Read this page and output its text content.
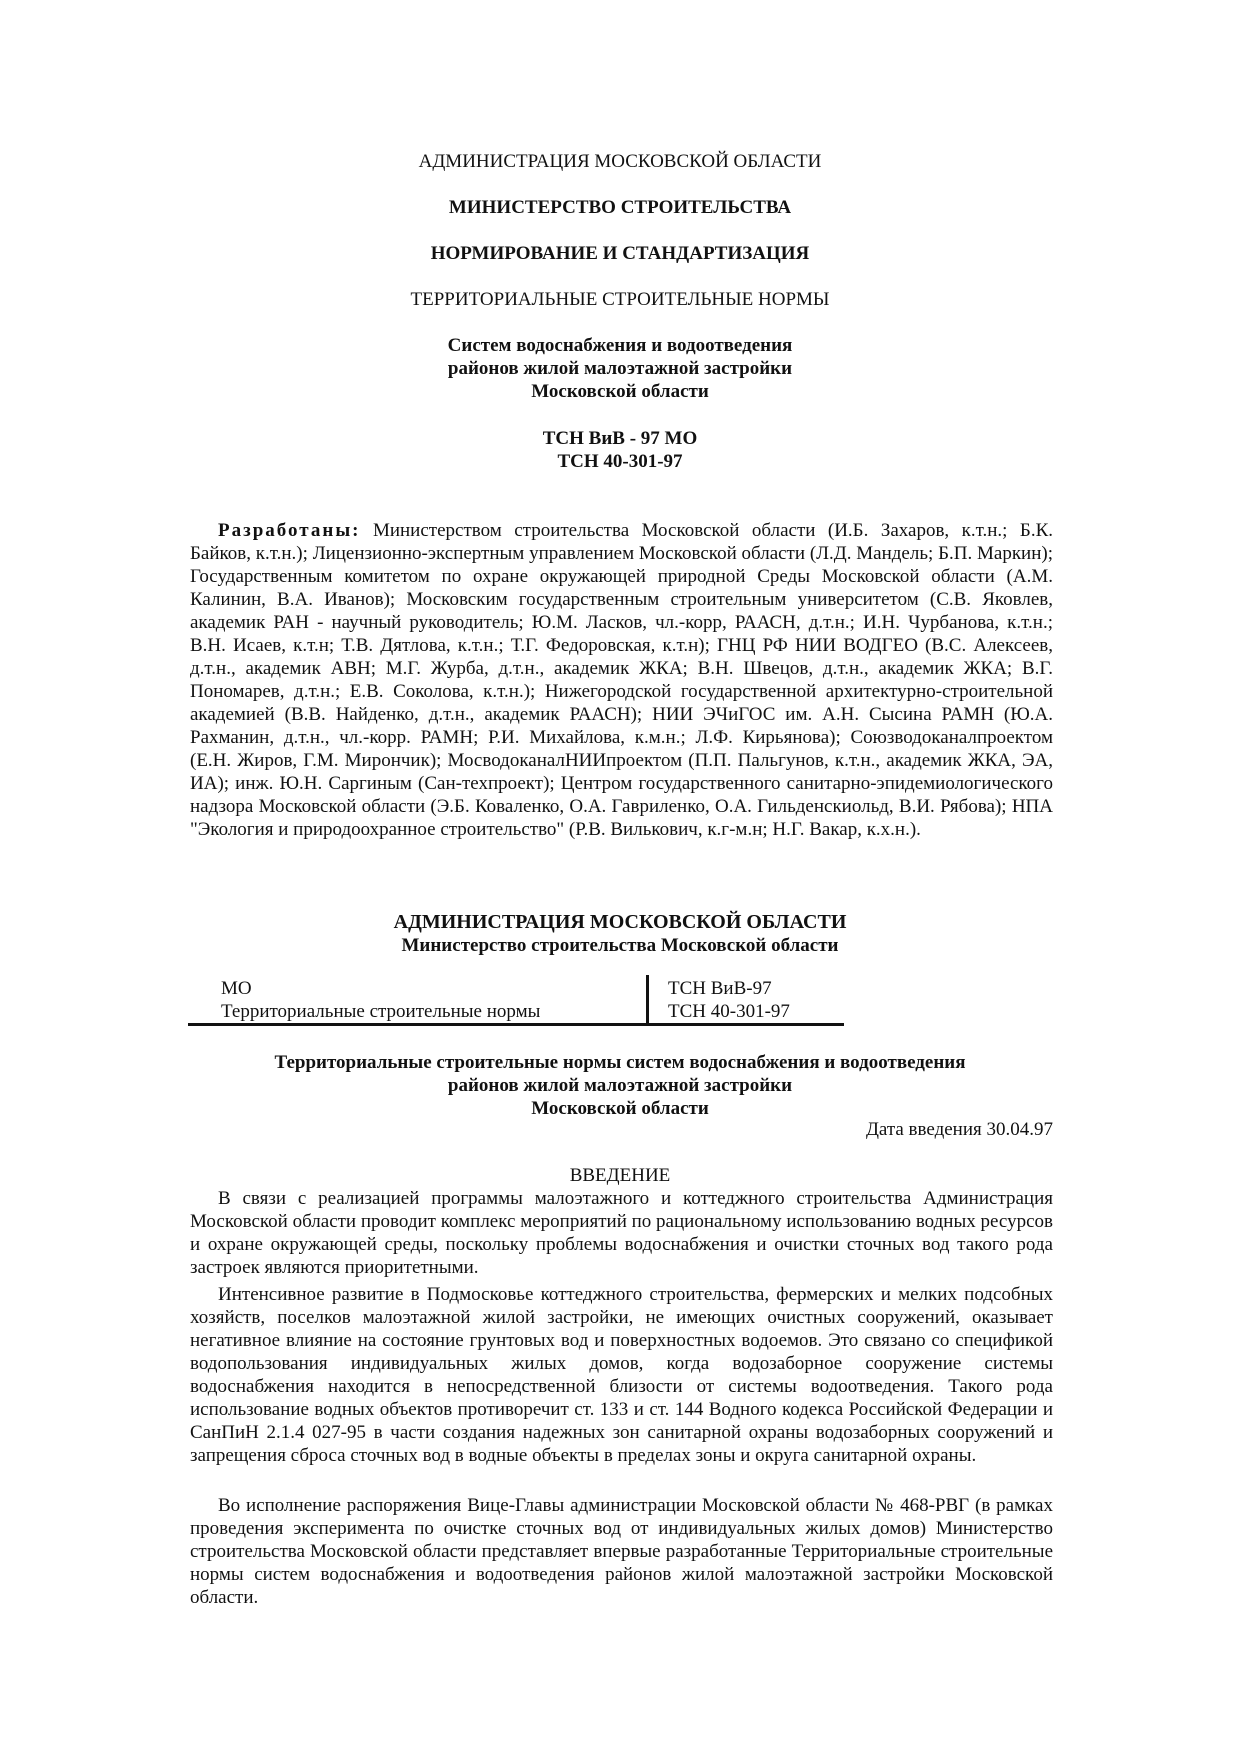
АДМИНИСТРАЦИЯ МОСКОВСКОЙ ОБЛАСТИ
МИНИСТЕРСТВО СТРОИТЕЛЬСТВА
НОРМИРОВАНИЕ И СТАНДАРТИЗАЦИЯ
ТЕРРИТОРИАЛЬНЫЕ СТРОИТЕЛЬНЫЕ НОРМЫ
Систем водоснабжения и водоотведения
районов жилой малоэтажной застройки
Московской области
ТСН ВиВ - 97 МО
ТСН 40-301-97

Разработаны: Министерством строительства Московской области (И.Б. Захаров, к.т.н.; Б.К. Байков, к.т.н.); Лицензионно-экспертным управлением Московской области (Л.Д. Мандель; Б.П. Маркин); Государственным комитетом по охране окружающей природной Среды Московской области (А.М. Калинин, В.А. Иванов); Московским государственным строительным университетом (С.В. Яковлев, академик РАН - научный руководитель; Ю.М. Ласков, чл.-корр, РААСН, д.т.н.; И.Н. Чурбанова, к.т.н.; В.Н. Исаев, к.т.н; Т.В. Дятлова, к.т.н.; Т.Г. Федоровская, к.т.н); ГНЦ РФ НИИ ВОДГЕО (В.С. Алексеев, д.т.н., академик АВН; М.Г. Журба, д.т.н., академик ЖКА; В.Н. Швецов, д.т.н., академик ЖКА; В.Г. Пономарев, д.т.н.; Е.В. Соколова, к.т.н.); Нижегородской государственной архитектурно-строительной академией (В.В. Найденко, д.т.н., академик РААСН); НИИ ЭЧиГОС им. А.Н. Сысина РАМН (Ю.А. Рахманин, д.т.н., чл.-корр. РАМН; Р.И. Михайлова, к.м.н.; Л.Ф. Кирьянова); Союзводоканалпроектом (Е.Н. Жиров, Г.М. Мирончик); МосводоканалНИИпроектом (П.П. Пальгунов, к.т.н., академик ЖКА, ЭА, ИА); инж. Ю.Н. Саргиным (Сан-техпроект); Центром государственного санитарно-эпидемиологического надзора Московской области (Э.Б. Коваленко, О.А. Гавриленко, О.А. Гильденскиольд, В.И. Рябова); НПА "Экология и природоохранное строительство" (Р.В. Вилькович, к.г-м.н; Н.Г. Вакар, к.х.н.).

АДМИНИСТРАЦИЯ МОСКОВСКОЙ ОБЛАСТИ
Министерство строительства Московской области
МО
Территориальные строительные нормы
ТСН ВиВ-97
ТСН 40-301-97
Территориальные строительные нормы систем водоснабжения и водоотведения
районов жилой малоэтажной застройки
Московской области
Дата введения 30.04.97
ВВЕДЕНИЕ

В связи с реализацией программы малоэтажного и коттеджного строительства Администрация Московской области проводит комплекс мероприятий по рациональному использованию водных ресурсов и охране окружающей среды, поскольку проблемы водоснабжения и очистки сточных вод такого рода застроек являются приоритетными.

Интенсивное развитие в Подмосковье коттеджного строительства, фермерских и мелких подсобных хозяйств, поселков малоэтажной жилой застройки, не имеющих очистных сооружений, оказывает негативное влияние на состояние грунтовых вод и поверхностных водоемов. Это связано со спецификой водопользования индивидуальных жилых домов, когда водозаборное сооружение системы водоснабжения находится в непосредственной близости от системы водоотведения. Такого рода использование водных объектов противоречит ст. 133 и ст. 144 Водного кодекса Российской Федерации и СанПиН 2.1.4 027-95 в части создания надежных зон санитарной охраны водозаборных сооружений и запрещения сброса сточных вод в водные объекты в пределах зоны и округа санитарной охраны.

Во исполнение распоряжения Вице-Главы администрации Московской области № 468-РВГ (в рамках проведения эксперимента по очистке сточных вод от индивидуальных жилых домов) Министерство строительства Московской области представляет впервые разработанные Территориальные строительные нормы систем водоснабжения и водоотведения районов жилой малоэтажной застройки Московской области.
